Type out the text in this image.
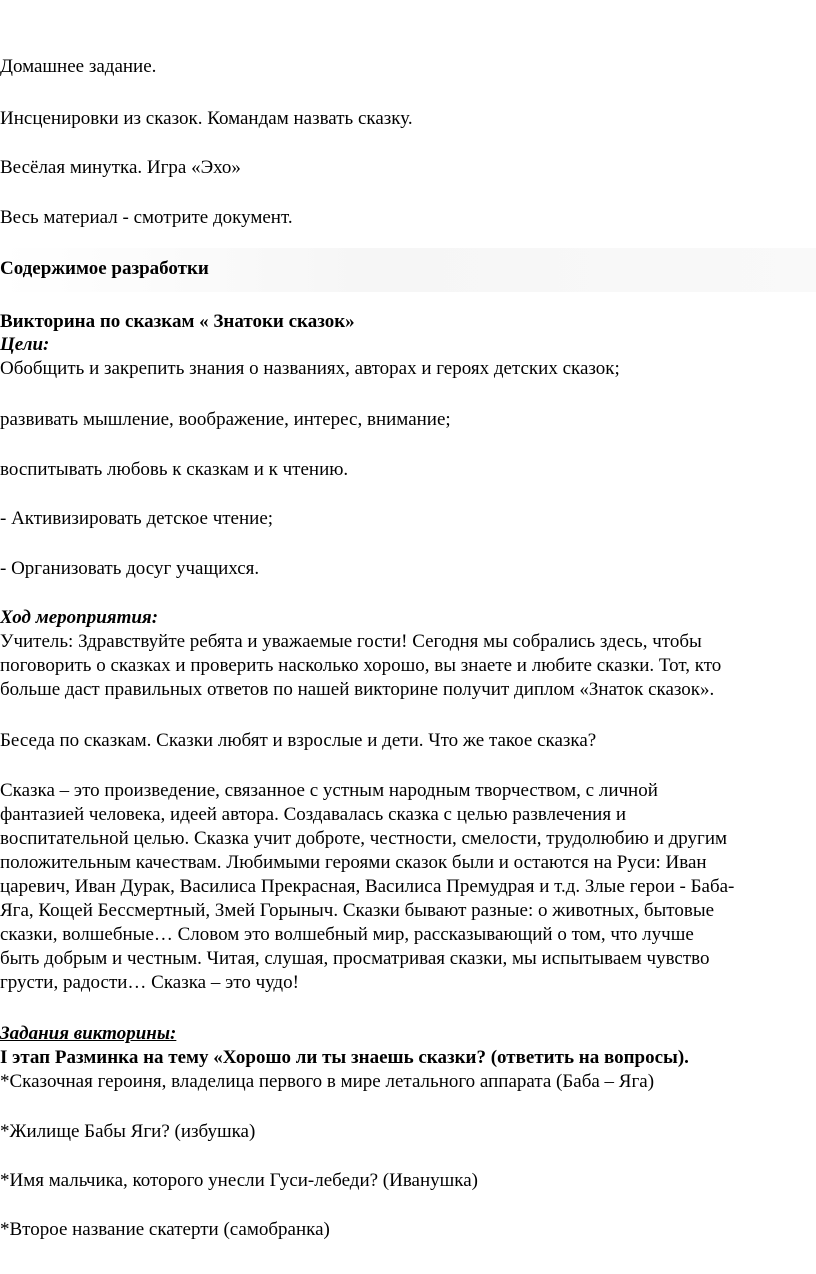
Домашнее задание.

Инсценировки из сказок. Командам назвать сказку.

Весёлая минутка. Игра «Эхо»

Весь материал - смотрите документ.

Содержимое разработки

Викторина по сказкам « Знатоки сказок»

Цели:

Обобщить и закрепить знания о названиях, авторах и героях детских сказок;

развивать мышление, воображение, интерес, внимание;

воспитывать любовь к сказкам и к чтению.

- Активизировать детское чтение;

- Организовать досуг учащихся.

Ход мероприятия:

Учитель: Здравствуйте ребята и уважаемые гости! Сегодня мы собрались здесь, чтобы
поговорить о сказках и проверить насколько хорошо, вы знаете и любите сказки. Тот, кто
больше даст правильных ответов по нашей викторине получит диплом «Знаток сказок».

Беседа по сказкам. Сказки любят и взрослые и дети. Что же такое сказка?

Сказка – это произведение, связанное с устным народным творчеством, с личной
фантазией человека, идеей автора. Создавалась сказка с целью развлечения и
воспитательной целью. Сказка учит доброте, честности, смелости, трудолюбию и другим
положительным качествам. Любимыми героями сказок были и остаются на Руси: Иван
царевич, Иван Дурак, Василиса Прекрасная, Василиса Премудрая и т.д. Злые герои - Баба-
Яга, Кощей Бессмертный, Змей Горыныч. Сказки бывают разные: о животных, бытовые
сказки, волшебные… Словом это волшебный мир, рассказывающий о том, что лучше
быть добрым и честным. Читая, слушая, просматривая сказки, мы испытываем чувство
грусти, радости… Сказка – это чудо!

Задания викторины:

I этап Разминка на тему «Хорошо ли ты знаешь сказки? (ответить на вопросы).

*Сказочная героиня, владелица первого в мире летального аппарата (Баба – Яга)

*Жилище Бабы Яги? (избушка)

*Имя мальчика, которого унесли Гуси-лебеди? (Иванушка)

*Второе название скатерти (самобранка)
